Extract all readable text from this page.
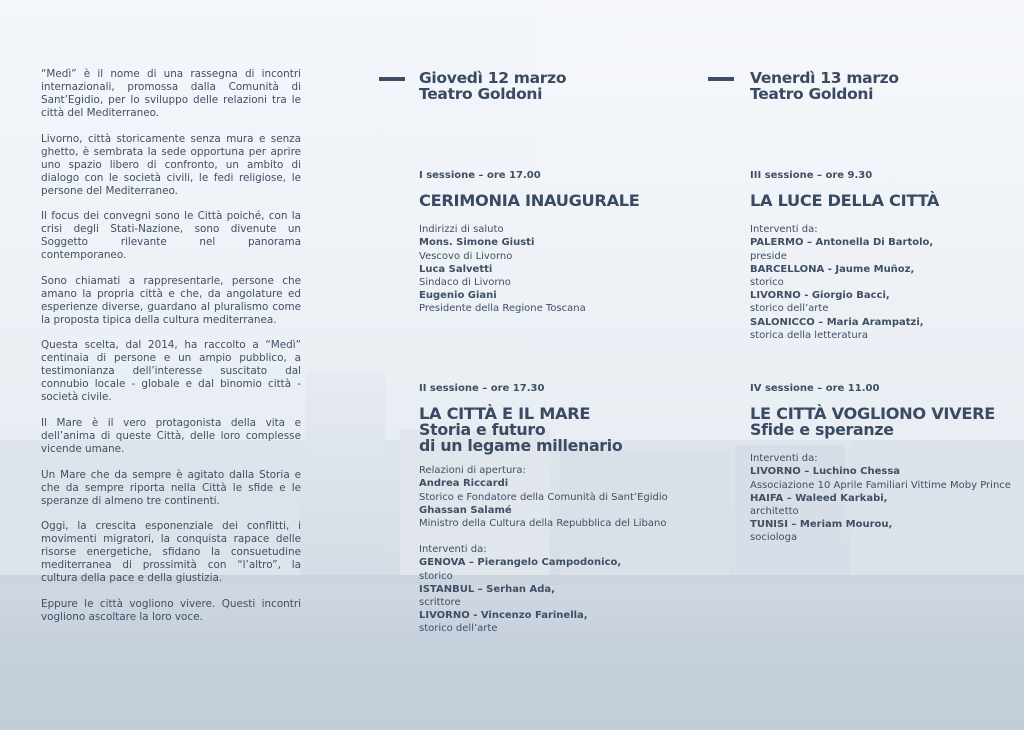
“Medì” è il nome di una rassegna di incontri internazionali, promossa dalla Comunità di Sant’Egidio, per lo sviluppo delle relazioni tra le città del Mediterraneo.

Livorno, città storicamente senza mura e senza ghetto, è sembrata la sede opportuna per aprire uno spazio libero di confronto, un ambito di dialogo con le società civili, le fedi religiose, le persone del Mediterraneo.

Il focus dei convegni sono le Città poiché, con la crisi degli Stati-Nazione, sono divenute un Soggetto rilevante nel panorama contemporaneo.

Sono chiamati a rappresentarle, persone che amano la propria città e che, da angolature ed esperienze diverse, guardano al pluralismo come la proposta tipica della cultura mediterranea.

Questa scelta, dal 2014, ha raccolto a “Medì” centinaia di persone e un ampio pubblico, a testimonianza dell’interesse suscitato dal connubio locale - globale e dal binomio città - società civile.

Il Mare è il vero protagonista della vita e dell’anima di queste Città, delle loro complesse vicende umane.

Un Mare che da sempre è agitato dalla Storia e che da sempre riporta nella Città le sfide e le speranze di almeno tre continenti.

Oggi, la crescita esponenziale dei conflitti, i movimenti migratori, la conquista rapace delle risorse energetiche, sfidano la consuetudine mediterranea di prossimità con “l’altro”, la cultura della pace e della giustizia.

Eppure le città vogliono vivere. Questi incontri vogliono ascoltare la loro voce.

Giovedì 12 marzo
Teatro Goldoni
Venerdì 13 marzo
Teatro Goldoni
I sessione – ore 17.00
CERIMONIA INAUGURALE
Indirizzi di saluto
Mons. Simone Giusti
Vescovo di Livorno
Luca Salvetti
Sindaco di Livorno
Eugenio Giani
Presidente della Regione Toscana
II sessione – ore 17.30
LA CITTÀ E IL MARE
Storia e futuro
di un legame millenario
Relazioni di apertura:
Andrea Riccardi
Storico e Fondatore della Comunità di Sant’Egidio
Ghassan Salamé
Ministro della Cultura della Repubblica del Libano
Interventi da:
GENOVA – Pierangelo Campodonico,
storico
ISTANBUL – Serhan Ada,
scrittore
LIVORNO - Vincenzo Farinella,
storico dell’arte
III sessione – ore 9.30
LA LUCE DELLA CITTÀ
Interventi da:
PALERMO – Antonella Di Bartolo,
preside
BARCELLONA - Jaume Muñoz,
storico
LIVORNO - Giorgio Bacci,
storico dell’arte
SALONICCO – Maria Arampatzi,
storica della letteratura
IV sessione – ore 11.00
LE CITTÀ VOGLIONO VIVERE
Sfide e speranze
Interventi da:
LIVORNO – Luchino Chessa
Associazione 10 Aprile Familiari Vittime Moby Prince
HAIFA – Waleed Karkabi,
architetto
TUNISI – Meriam Mourou,
sociologa
